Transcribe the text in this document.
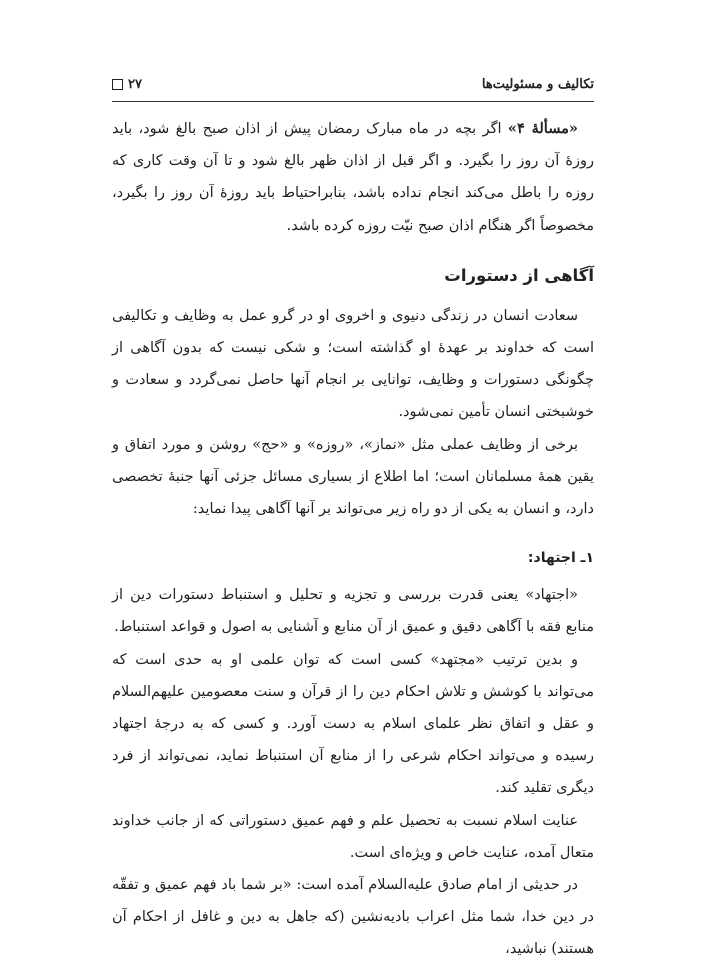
تکالیف و مسئولیت‌ها
۲۷

«مسألۀ ۴» اگر بچه در ماه مبارک رمضان پیش از اذان صبح بالغ شود، باید روزۀ آن روز را بگیرد. و اگر قبل از اذان ظهر بالغ شود و تا آن وقت کاری که روزه را باطل می‌کند انجام نداده باشد، بنابراحتیاط باید روزۀ آن روز را بگیرد، مخصوصاً اگر هنگام اذان صبح نیّت روزه کرده باشد.

آگاهی از دستورات

سعادت انسان در زندگی دنیوی و اخروی او در گرو عمل به وظایف و تکالیفی است که خداوند بر عهدۀ او گذاشته است؛ و شکی نیست که بدون آگاهی از چگونگی دستورات و وظایف، توانایی بر انجام آنها حاصل نمی‌گردد و سعادت و خوشبختی انسان تأمین نمی‌شود.

برخی از وظایف عملی مثل «نماز»، «روزه» و «حج» روشن و مورد اتفاق و یقین همۀ مسلمانان است؛ اما اطلاع از بسیاری مسائل جزئی آنها جنبۀ تخصصی دارد، و انسان به یکی از دو راه زیر می‌تواند بر آنها آگاهی پیدا نماید:

۱ـ اجتهاد:

«اجتهاد» یعنی قدرت بررسی و تجزیه و تحلیل و استنباط دستورات دین از منابع فقه با آگاهی دقیق و عمیق از آن منابع و آشنایی به اصول و قواعد استنباط.

و بدین ترتیب «مجتهد» کسی است که توان علمی او به حدی است که می‌تواند با کوشش و تلاش احکام دین را از قرآن و سنت معصومین علیهم‌السلام و عقل و اتفاق نظر علمای اسلام به دست آورد. و کسی که به درجۀ اجتهاد رسیده و می‌تواند احکام شرعی را از منابع آن استنباط نماید، نمی‌تواند از فرد دیگری تقلید کند.

عنایت اسلام نسبت به تحصیل علم و فهم عمیق دستوراتی که از جانب خداوند متعال آمده، عنایت خاص و ویژه‌ای است.

در حدیثی از امام صادق علیه‌السلام آمده است: «بر شما باد فهم عمیق و تفقّه در دین خدا، شما مثل اعراب بادیه‌نشین (که جاهل به دین و غافل از احکام آن هستند) نباشید،
